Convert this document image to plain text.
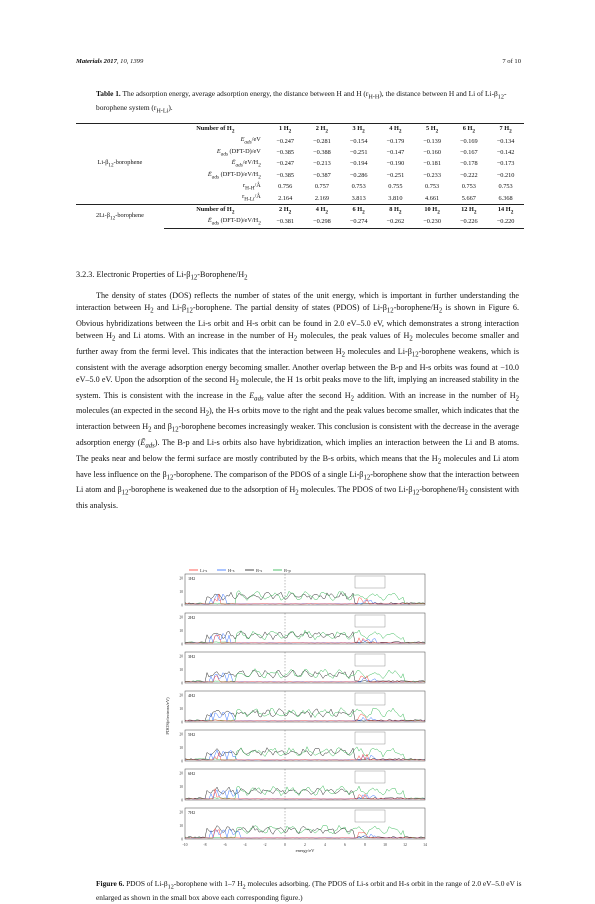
Materials 2017, 10, 1399	7 of 10
Table 1. The adsorption energy, average adsorption energy, the distance between H and H $(r_{H-H})$, the distance between H and Li of $Li-\beta_{12}$-borophene system $(r_{H-Li})$.
$Li-\beta_{12}$-borophene	Number of $H_2$	1 $H_2$	2 $H_2$	3 $H_2$	4 $H_2$	5 $H_2$	6 $H_2$	7 $H_2$
	$E_{ads}/eV$	−0.247	−0.281	−0.154	−0.179	−0.139	−0.169	−0.134
	$E_{ads}$ (DFT-D)/eV	−0.385	−0.388	−0.251	−0.147	−0.160	−0.167	−0.142
	$Ē_{ads}/eV/H_2$	−0.247	−0.213	−0.194	−0.190	−0.181	−0.178	−0.173
	$Ē_{ads}$ $(DFT-D)/eV/H_2$	−0.385	−0.387	−0.286	−0.251	−0.233	−0.222	−0.210
	$r_{H-H}/Å$	0.756	0.757	0.753	0.755	0.753	0.753	0.753
	$r_{H-Li}/Å$	2.164	2.169	3.813	3.810	4.661	5.667	6.368
$2Li-\beta_{12}$-borophene	Number of $H_2$	2 $H_2$	4 $H_2$	6 $H_2$	8 $H_2$	10 $H_2$	12 $H_2$	14 $H_2$
	$Ē_{ads}$ $(DFT-D)/eV/H_2$	−0.381	−0.298	−0.274	−0.262	−0.230	−0.226	−0.220
3.2.3. Electronic Properties of $Li-\beta_{12}-Borophene/H_2$
The density of states (DOS) reflects the number of states of the unit energy, which is important in further understanding the interaction between $H_2$ and $Li-\beta_{12}$-borophene. The partial density of states (PDOS) of $Li-\beta_{12}-borophene/H_2$ is shown in Figure 6. Obvious hybridizations between the Li-s orbit and H-s orbit can be found in 2.0 eV–5.0 eV, which demonstrates a strong interaction between $H_2$ and Li atoms. With an increase in the number of $H_2$ molecules, the peak values of $H_2$ molecules become smaller and further away from the fermi level. This indicates that the interaction between $H_2$ molecules and $Li-\beta_{12}$-borophene weakens, which is consistent with the average adsorption energy becoming smaller. Another overlap between the B-p and H-s orbits was found at −10.0 eV–5.0 eV. Upon the adsorption of the second $H_2$ molecule, the H 1s orbit peaks move to the lift, implying an increased stability in the system. This is consistent with the increase in the $E_{ads}$ value after the second $H_2$ addition. With an increase in the number of $H_2$ molecules (an expected in the second $H_2$), the H-s orbits move to the right and the peak values become smaller, which indicates that the interaction between $H_2$ and $\beta_{12}$-borophene becomes increasingly weaker. This conclusion is consistent with the decrease in the average adsorption energy $(Ē_{ads})$. The B-p and Li-s orbits also have hybridization, which implies an interaction between the Li and B atoms. The peaks near and below the fermi surface are mostly contributed by the B-s orbits, which means that the $H_2$ molecules and Li atom have less influence on the $\beta_{12}$-borophene. The comparison of the PDOS of a single $Li-\beta_{12}$-borophene show that the interaction between Li atom and $\beta_{12}$-borophene is weakened due to the adsorption of $H_2$ molecules. The PDOS of two $Li-\beta_{12}-borophene/H_2$ consistent with this analysis.
Li-s	H-s	B-s	B-p
1H2
0
10
20
2H2
0
10
20
3H2
0
10
20
4H2
0
10
20
5H2
0
10
20
6H2
0
10
20
7H2
0
10
20
-10	-8	-6	-4	-2	0	2	4	6	8	10	12	14
energy/eV
PDOS(electrons/eV)
Figure 6. PDOS of $Li-\beta_{12}$-borophene with 1–7 $H_2$ molecules adsorbing. (The PDOS of Li-s orbit and H-s orbit in the range of 2.0 eV–5.0 eV is enlarged as shown in the small box above each corresponding figure.)
